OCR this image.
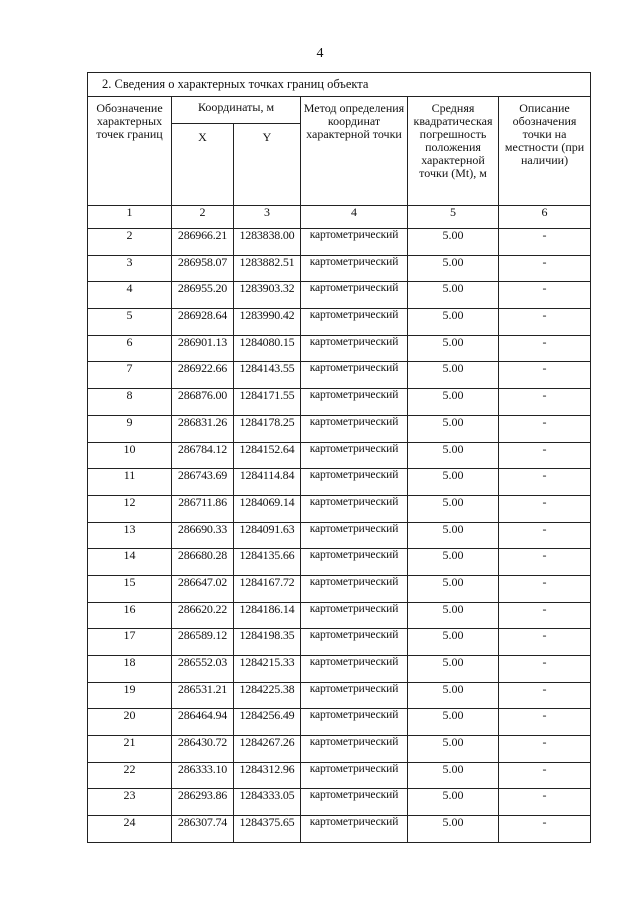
4
2. Сведения о характерных точках границ объекта					
Обозначение характерных точек границ	Координаты, м		Метод определения координат характерной точки	Средняя квадратическая погрешность положения характерной точки (Mt), м	Описание обозначения точки на местности (при наличии)
	X	Y			
1	2	3	4	5	6
2	286966.21	1283838.00	картометрический	5.00	-
3	286958.07	1283882.51	картометрический	5.00	-
4	286955.20	1283903.32	картометрический	5.00	-
5	286928.64	1283990.42	картометрический	5.00	-
6	286901.13	1284080.15	картометрический	5.00	-
7	286922.66	1284143.55	картометрический	5.00	-
8	286876.00	1284171.55	картометрический	5.00	-
9	286831.26	1284178.25	картометрический	5.00	-
10	286784.12	1284152.64	картометрический	5.00	-
11	286743.69	1284114.84	картометрический	5.00	-
12	286711.86	1284069.14	картометрический	5.00	-
13	286690.33	1284091.63	картометрический	5.00	-
14	286680.28	1284135.66	картометрический	5.00	-
15	286647.02	1284167.72	картометрический	5.00	-
16	286620.22	1284186.14	картометрический	5.00	-
17	286589.12	1284198.35	картометрический	5.00	-
18	286552.03	1284215.33	картометрический	5.00	-
19	286531.21	1284225.38	картометрический	5.00	-
20	286464.94	1284256.49	картометрический	5.00	-
21	286430.72	1284267.26	картометрический	5.00	-
22	286333.10	1284312.96	картометрический	5.00	-
23	286293.86	1284333.05	картометрический	5.00	-
24	286307.74	1284375.65	картометрический	5.00	-
